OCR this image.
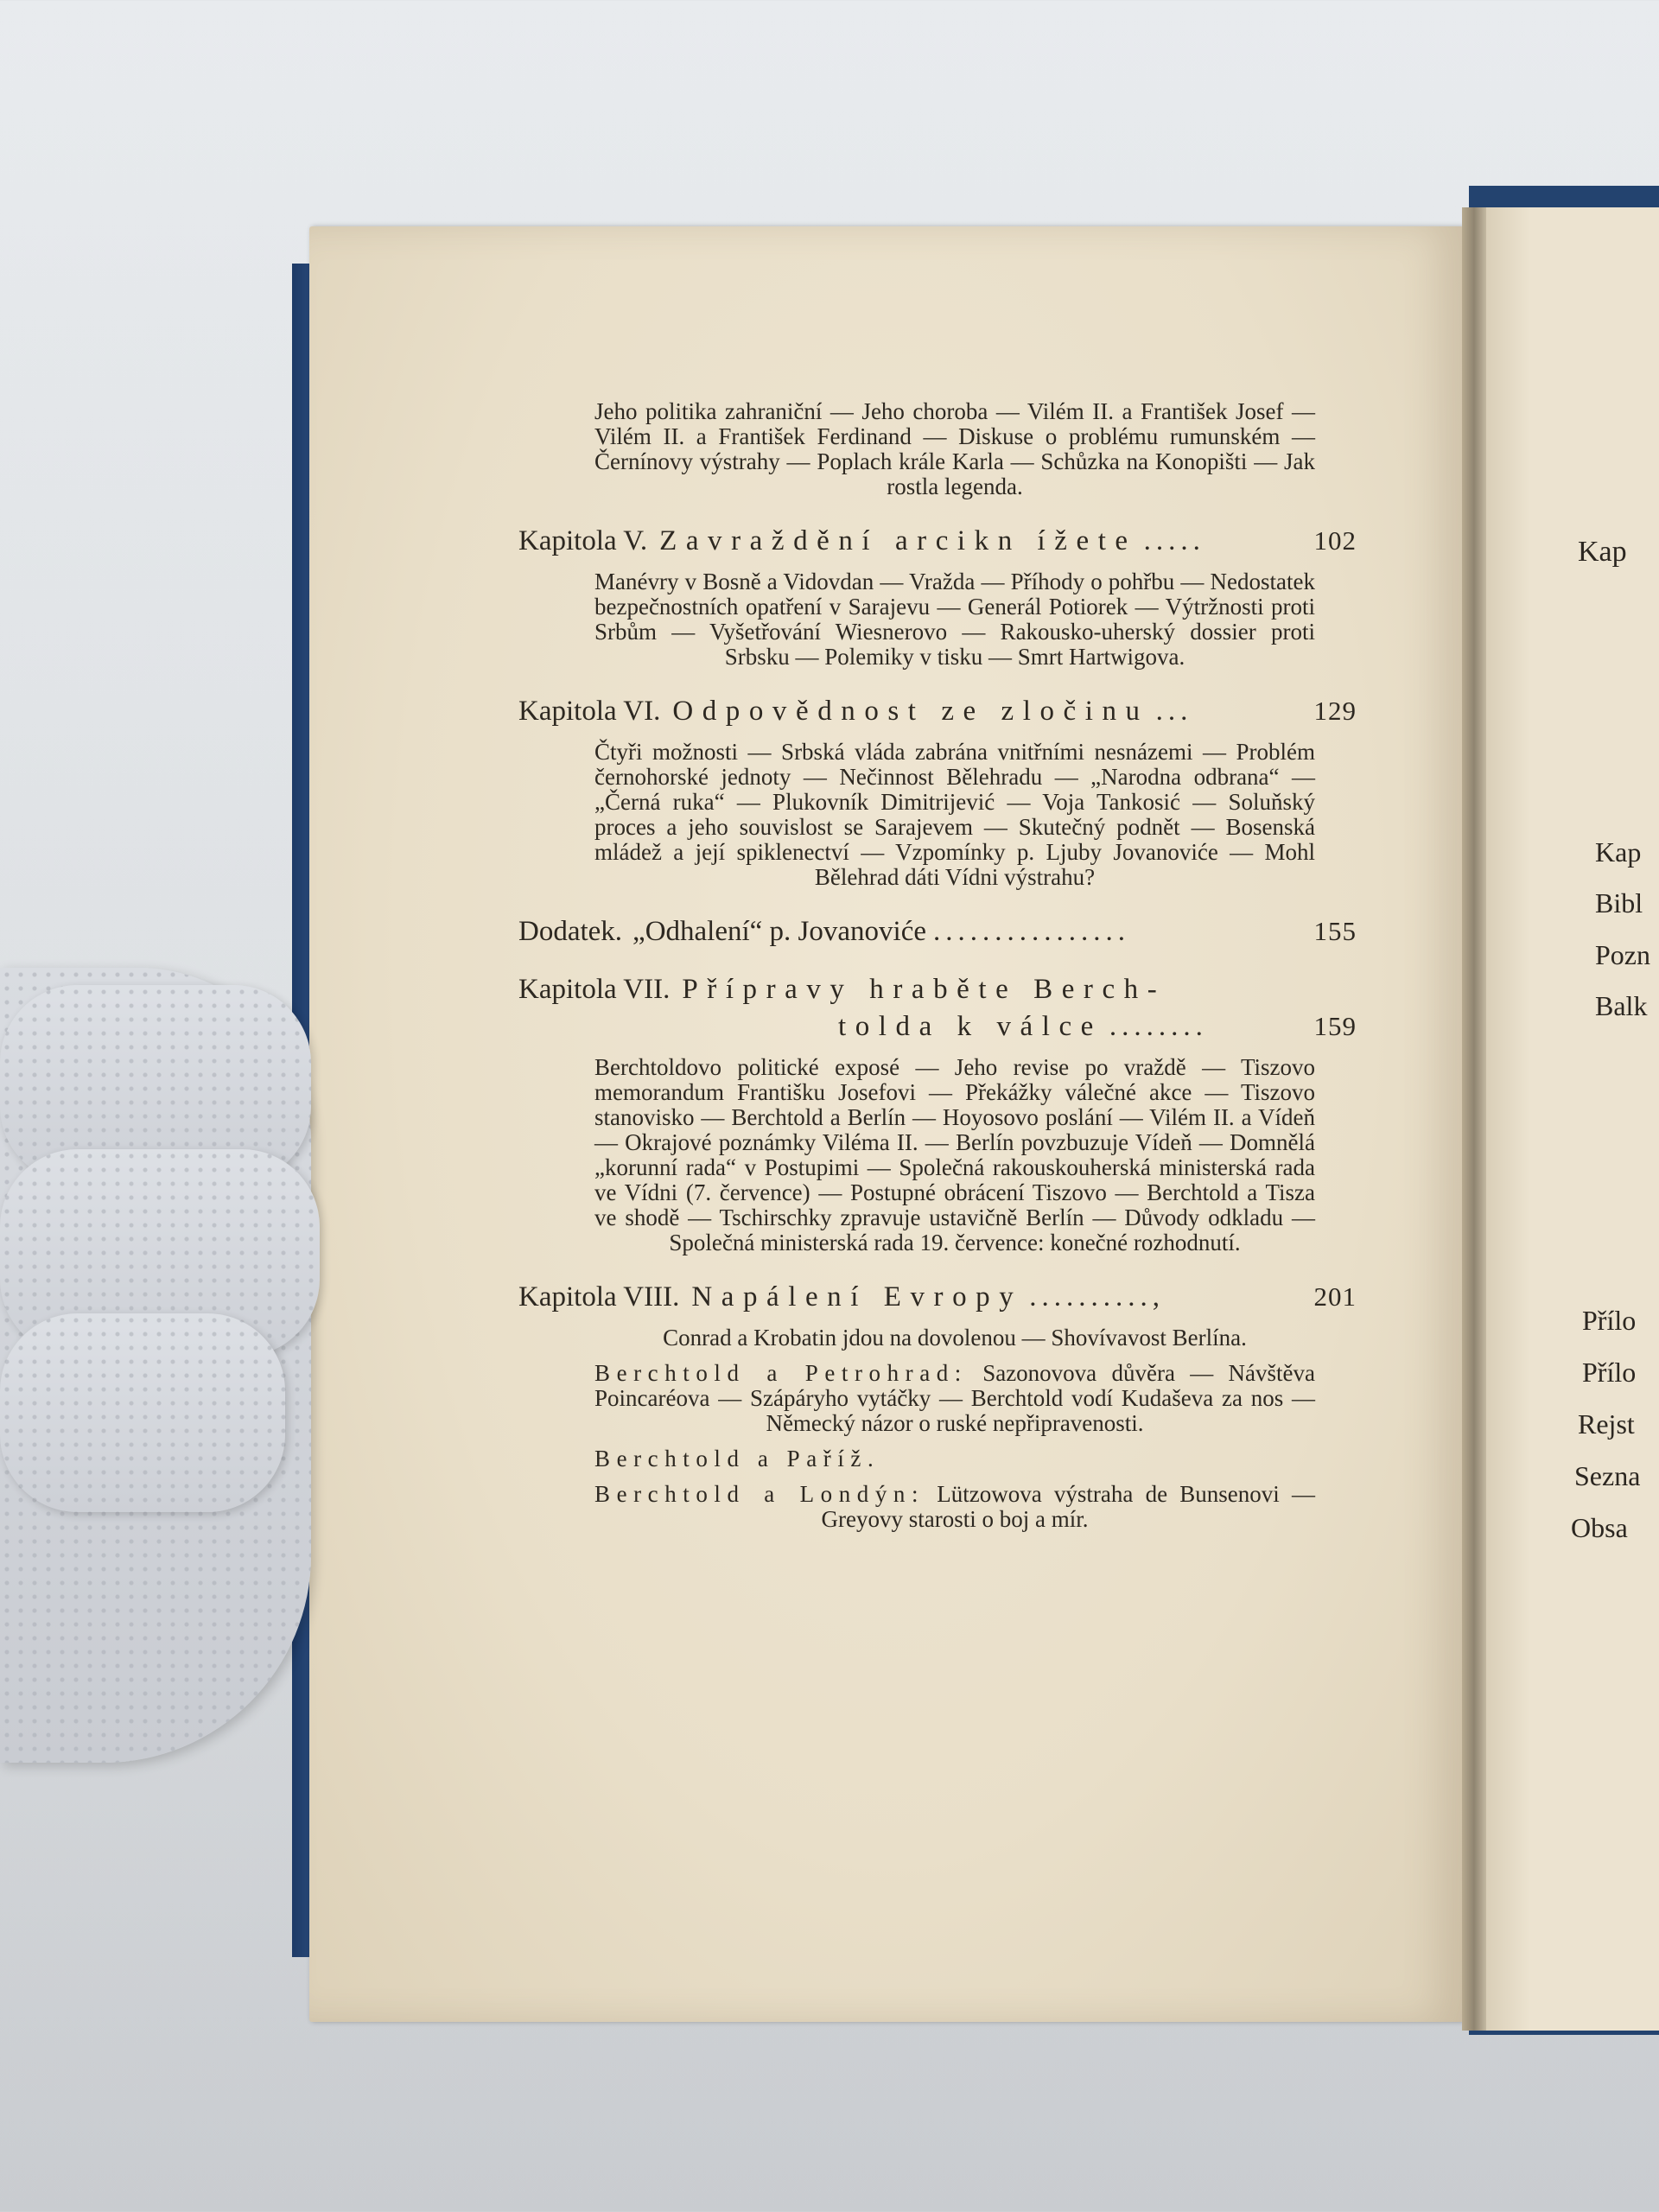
Kap
Kap
Bibl
Pozn
Balk
Přílo
Přílo
Rejst
Sezna
Obsa
Jeho politika zahraniční — Jeho choroba — Vilém II. a František Josef — Vilém II. a František Ferdinand — Diskuse o problému rumunském — Černínovy výstrahy — Poplach krále Karla — Schůzka na Konopišti — Jak rostla legenda.
Kapitola V. Zavraždění arcikn ížete .....	102
Manévry v Bosně a Vidovdan — Vražda — Příhody o pohřbu — Nedostatek bezpečnostních opatření v Sarajevu — Generál Potiorek — Výtržnosti proti Srbům — Vyšetřování Wiesnerovo — Rakousko-uherský dossier proti Srbsku — Polemiky v tisku — Smrt Hartwigova.
Kapitola VI. Odpovědnost ze zločinu ...	129
Čtyři možnosti — Srbská vláda zabrána vnitřními nesnázemi — Problém černohorské jednoty — Nečinnost Bělehradu — „Narodna odbrana“ — „Černá ruka“ — Plukovník Dimitrijević — Voja Tankosić — Soluňský proces a jeho souvislost se Sarajevem — Skutečný podnět — Bosenská mládež a její spiklenectví — Vzpomínky p. Ljuby Jovanoviće — Mohl Bělehrad dáti Vídni výstrahu?
Dodatek. „Odhalení“ p. Jovanoviće ................	155
Kapitola VII. Přípravy hraběte Berch-
tolda k válce ........	159
Berchtoldovo politické exposé — Jeho revise po vraždě — Tiszovo memorandum Františku Josefovi — Překážky válečné akce — Tiszovo stanovisko — Berchtold a Berlín — Hoyosovo poslání — Vilém II. a Vídeň — Okrajové poznámky Viléma II. — Berlín povzbuzuje Vídeň — Domnělá „korunní rada“ v Postupimi — Společná rakouskouherská ministerská rada ve Vídni (7. července) — Postupné obrácení Tiszovo — Berchtold a Tisza ve shodě — Tschirschky zpravuje ustavičně Berlín — Důvody odkladu — Společná ministerská rada 19. července: konečné rozhodnutí.
Kapitola VIII. Napálení Evropy ..........,	201
Conrad a Krobatin jdou na dovolenou — Shovívavost Berlína.
Berchtold a Petrohrad: Sazonovova důvěra — Návštěva Poincaréova — Szápáryho vytáčky — Berchtold vodí Kudaševa za nos — Německý názor o ruské nepřipravenosti.
Berchtold a Paříž.
Berchtold a Londýn: Lützowova výstraha de Bunsenovi — Greyovy starosti o boj a mír.
